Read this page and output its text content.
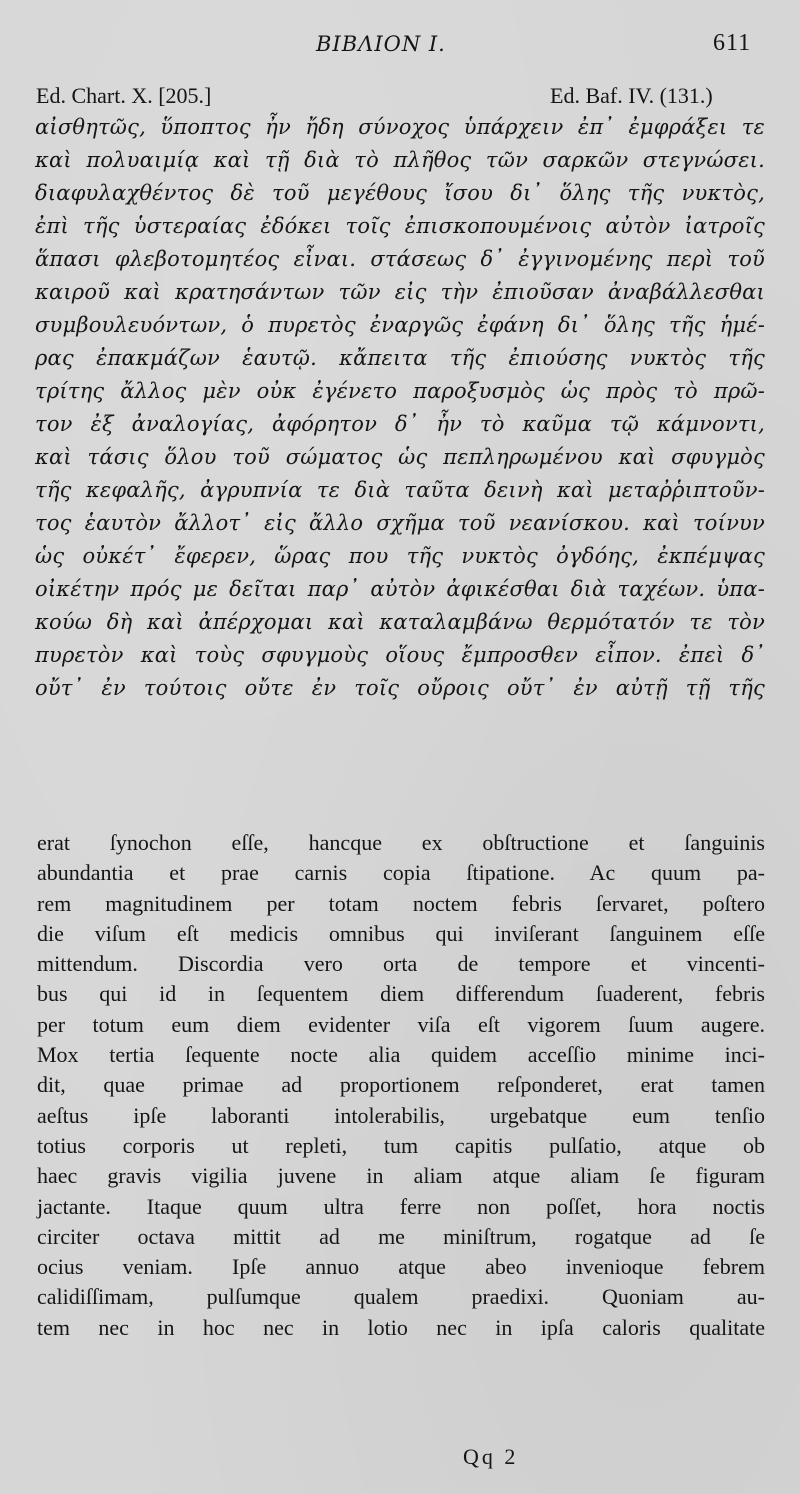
ΒΙΒΛΙΟΝ Ι.	611
Ed. Chart. X. [205.]	Ed. Baf. IV. (131.)
αἰσθητῶς, ὕποπτος ἦν ἤδη σύνοχος ὑπάρχειν ἐπ᾽ ἐμφράξει τε
καὶ πολυαιμίᾳ καὶ τῇ διὰ τὸ πλῆθος τῶν σαρκῶν στεγνώσει.
διαφυλαχθέντος δὲ τοῦ μεγέθους ἴσου δι᾽ ὅλης τῆς νυκτὸς,
ἐπὶ τῆς ὑστεραίας ἐδόκει τοῖς ἐπισκοπουμένοις αὐτὸν ἰατροῖς
ἅπασι φλεβοτομητέος εἶναι. στάσεως δ᾽ ἐγγινομένης περὶ τοῦ
καιροῦ καὶ κρατησάντων τῶν εἰς τὴν ἐπιοῦσαν ἀναβάλλεσθαι
συμβουλευόντων, ὁ πυρετὸς ἐναργῶς ἐφάνη δι᾽ ὅλης τῆς ἡμέ-
ρας ἐπακμάζων ἑαυτῷ. κἄπειτα τῆς ἐπιούσης νυκτὸς τῆς
τρίτης ἄλλος μὲν οὐκ ἐγένετο παροξυσμὸς ὡς πρὸς τὸ πρῶ-
τον ἐξ ἀναλογίας, ἀφόρητον δ᾽ ἦν τὸ καῦμα τῷ κάμνοντι,
καὶ τάσις ὅλου τοῦ σώματος ὡς πεπληρωμένου καὶ σφυγμὸς
τῆς κεφαλῆς, ἀγρυπνία τε διὰ ταῦτα δεινὴ καὶ μεταῤῥιπτοῦν-
τος ἑαυτὸν ἄλλοτ᾽ εἰς ἄλλο σχῆμα τοῦ νεανίσκου. καὶ τοίνυν
ὡς οὐκέτ᾽ ἔφερεν, ὥρας που τῆς νυκτὸς ὀγδόης, ἐκπέμψας
οἰκέτην πρός με δεῖται παρ᾽ αὐτὸν ἀφικέσθαι διὰ ταχέων. ὑπα-
κούω δὴ καὶ ἀπέρχομαι καὶ καταλαμβάνω θερμότατόν τε τὸν
πυρετὸν καὶ τοὺς σφυγμοὺς οἵους ἔμπροσθεν εἶπον. ἐπεὶ δ᾽
οὔτ᾽ ἐν τούτοις οὔτε ἐν τοῖς οὔροις οὔτ᾽ ἐν αὐτῇ τῇ τῆς
erat ſynochon eſſe, hancque ex obſtructione et ſanguinis
abundantia et prae carnis copia ſtipatione. Ac quum pa-
rem magnitudinem per totam noctem febris ſervaret, poſtero
die viſum eſt medicis omnibus qui inviſerant ſanguinem eſſe
mittendum. Discordia vero orta de tempore et vincenti-
bus qui id in ſequentem diem differendum ſuaderent, febris
per totum eum diem evidenter viſa eſt vigorem ſuum augere.
Mox tertia ſequente nocte alia quidem acceſſio minime inci-
dit, quae primae ad proportionem reſponderet, erat tamen
aeſtus ipſe laboranti intolerabilis, urgebatque eum tenſio
totius corporis ut repleti, tum capitis pulſatio, atque ob
haec gravis vigilia juvene in aliam atque aliam ſe figuram
jactante. Itaque quum ultra ferre non poſſet, hora noctis
circiter octava mittit ad me miniſtrum, rogatque ad ſe
ocius veniam. Ipſe annuo atque abeo invenioque febrem
calidiſſimam, pulſumque qualem praedixi. Quoniam au-
tem nec in hoc nec in lotio nec in ipſa caloris qualitate
Qq 2
